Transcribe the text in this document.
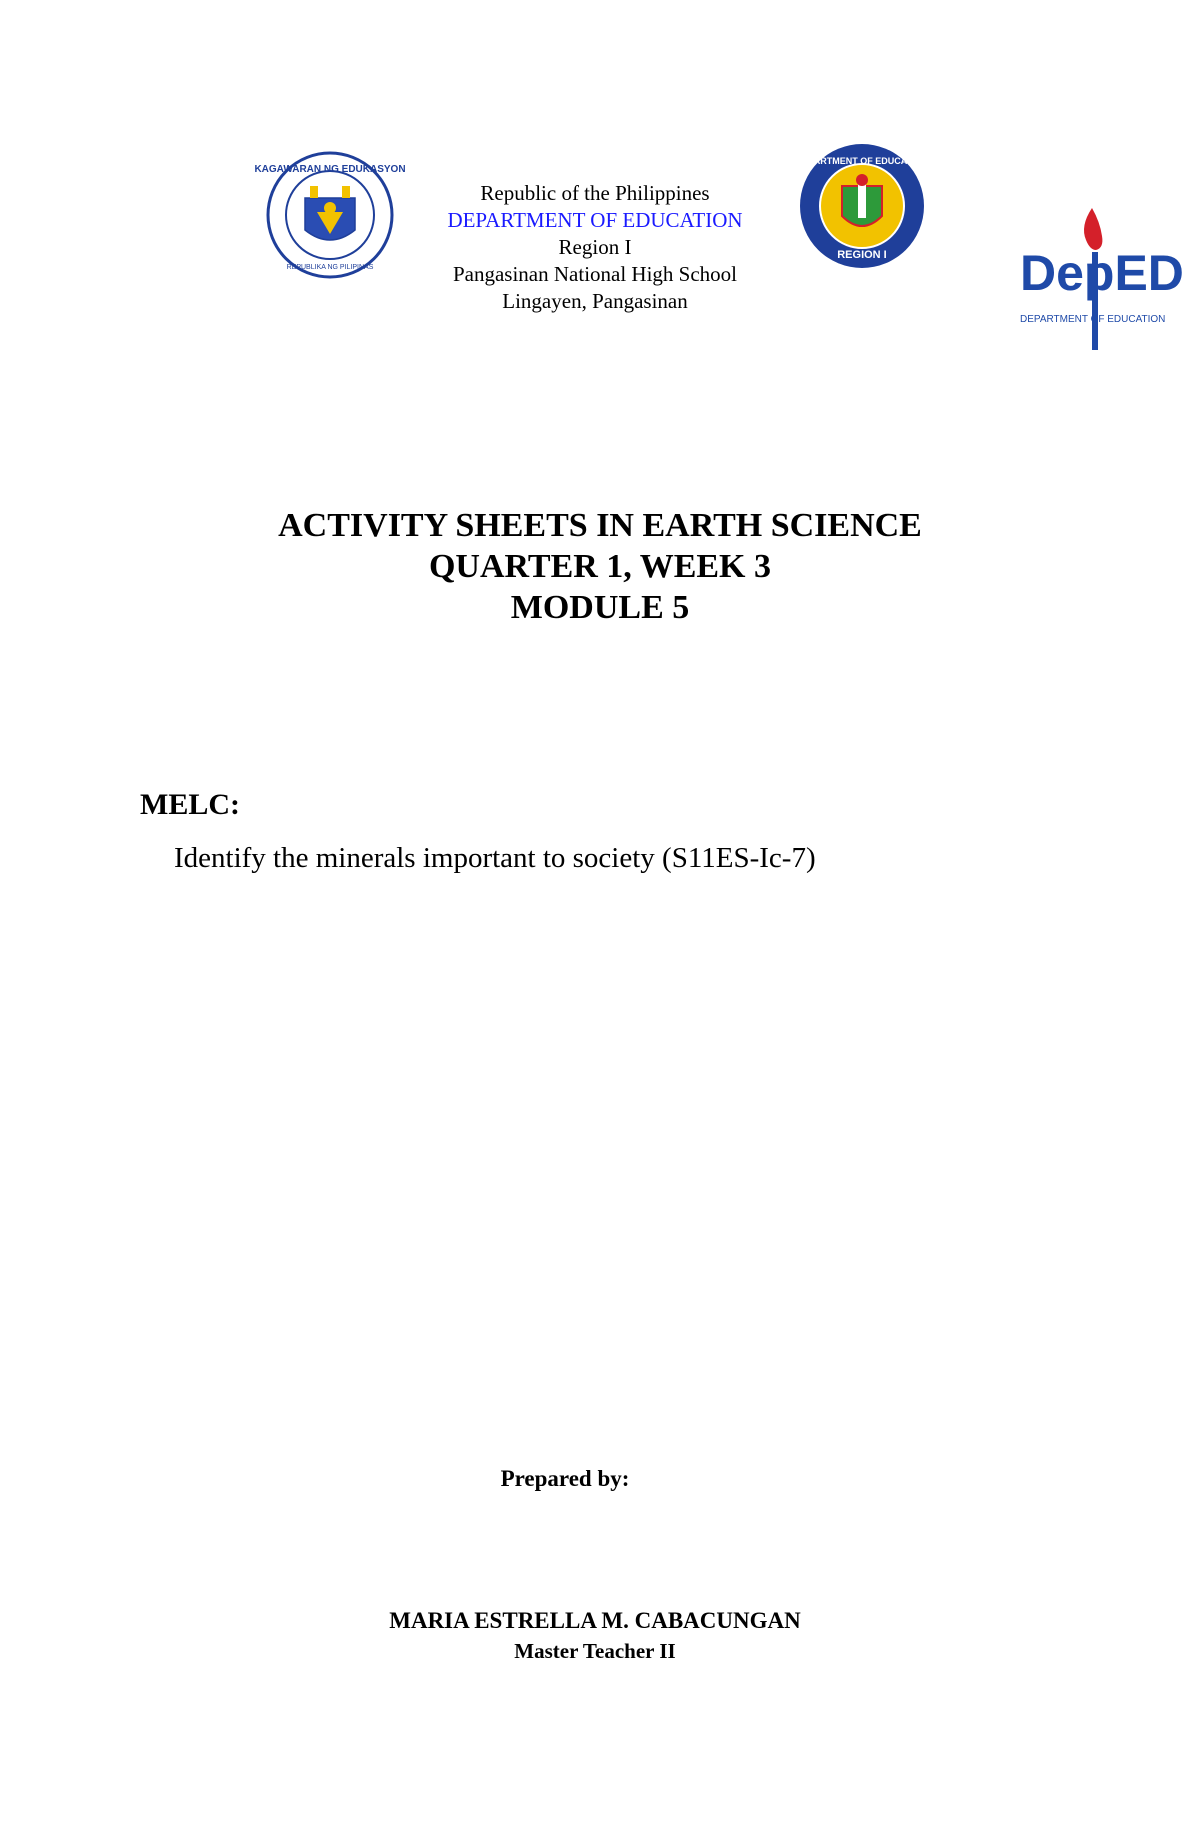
KAGAWARAN NG EDUKASYON
REPUBLIKA NG PILIPINAS
Republic of the Philippines
DEPARTMENT OF EDUCATION
Region I
Pangasinan National High School
Lingayen, Pangasinan
DEPARTMENT OF EDUCATION
REGION I	DepED
DEPARTMENT OF EDUCATION
ACTIVITY SHEETS IN EARTH SCIENCE
QUARTER 1, WEEK 3
MODULE 5
MELC:
Identify the minerals important to society (S11ES-Ic-7)
Prepared by:
MARIA ESTRELLA M. CABACUNGAN
Master Teacher II
